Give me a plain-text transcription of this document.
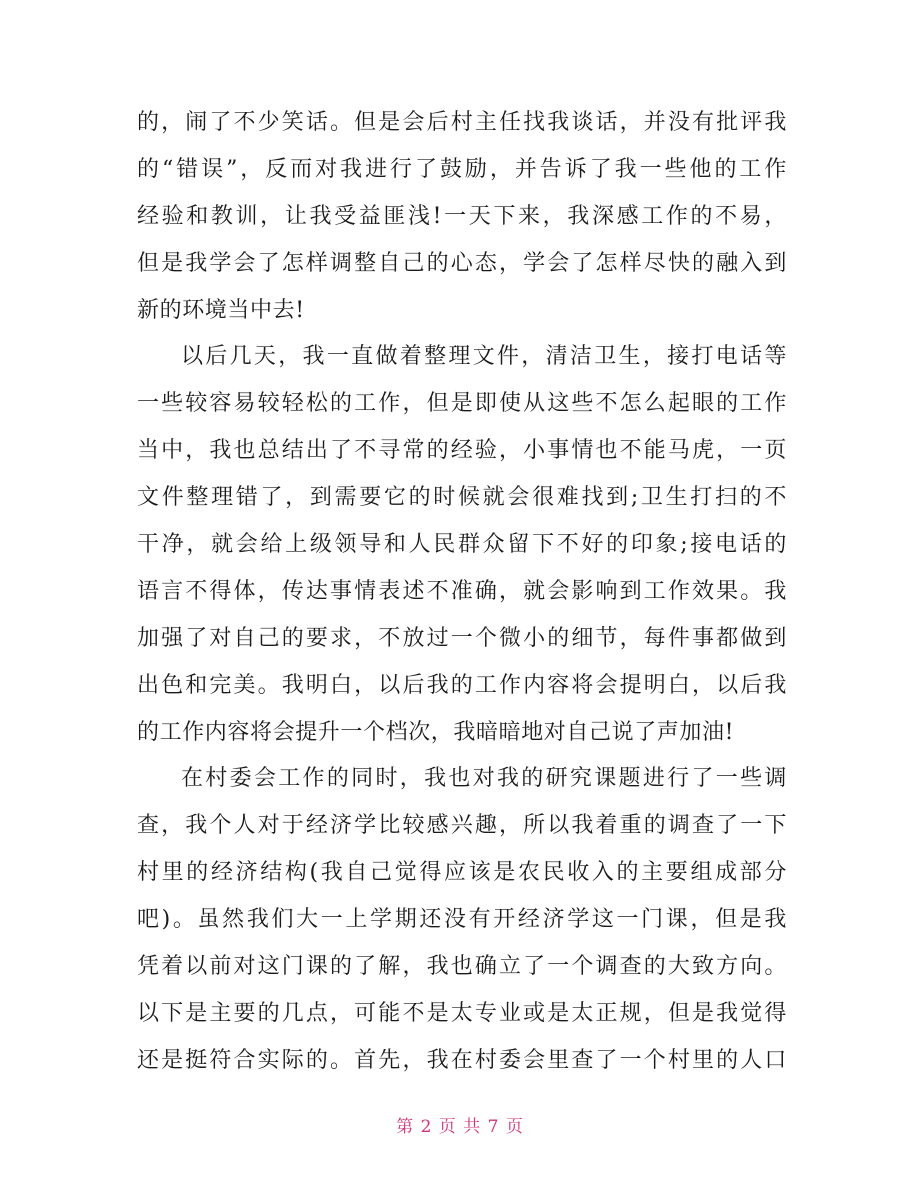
的，闹了不少笑话。但是会后村主任找我谈话，并没有批评我
的“错误”，反而对我进行了鼓励，并告诉了我一些他的工作
经验和教训，让我受益匪浅!一天下来，我深感工作的不易，
但是我学会了怎样调整自己的心态，学会了怎样尽快的融入到
新的环境当中去!
以后几天，我一直做着整理文件，清洁卫生，接打电话等
一些较容易较轻松的工作，但是即使从这些不怎么起眼的工作
当中，我也总结出了不寻常的经验，小事情也不能马虎，一页
文件整理错了，到需要它的时候就会很难找到;卫生打扫的不
干净，就会给上级领导和人民群众留下不好的印象;接电话的
语言不得体，传达事情表述不准确，就会影响到工作效果。我
加强了对自己的要求，不放过一个微小的细节，每件事都做到
出色和完美。我明白，以后我的工作内容将会提明白，以后我
的工作内容将会提升一个档次，我暗暗地对自己说了声加油!
在村委会工作的同时，我也对我的研究课题进行了一些调
查，我个人对于经济学比较感兴趣，所以我着重的调查了一下
村里的经济结构(我自己觉得应该是农民收入的主要组成部分
吧)。虽然我们大一上学期还没有开经济学这一门课，但是我
凭着以前对这门课的了解，我也确立了一个调查的大致方向。
以下是主要的几点，可能不是太专业或是太正规，但是我觉得
还是挺符合实际的。首先，我在村委会里查了一个村里的人口
第 2 页 共 7 页
